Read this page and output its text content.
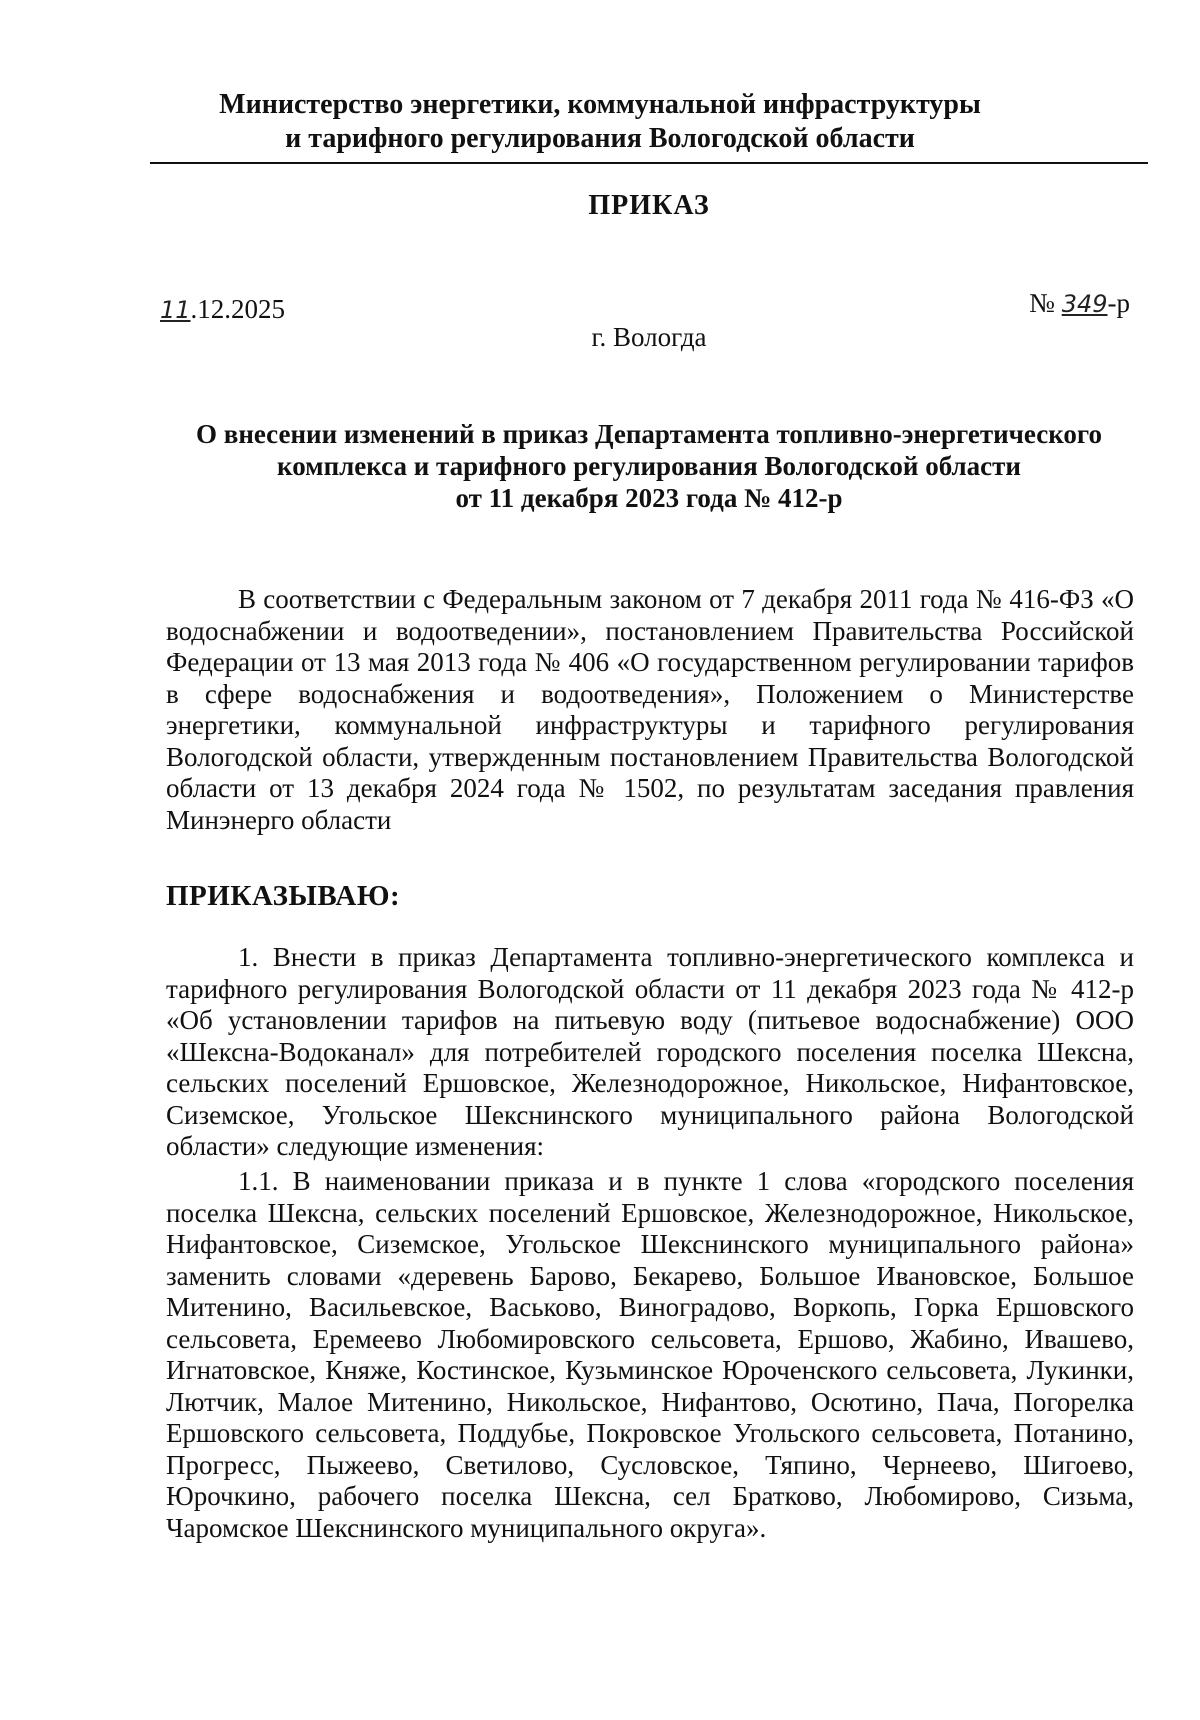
Министерство энергетики, коммунальной инфраструктуры
и тарифного регулирования Вологодской области
ПРИКАЗ
11.12.2025	№ 349-р
г. Вологда
О внесении изменений в приказ Департамента топливно-энергетического
комплекса и тарифного регулирования Вологодской области
от 11 декабря 2023 года № 412-р
В соответствии с Федеральным законом от 7 декабря 2011 года № 416-ФЗ «О водоснабжении и водоотведении», постановлением Правительства Российской Федерации от 13 мая 2013 года № 406 «О государственном регулировании тарифов в сфере водоснабжения и водоотведения», Положением о Министерстве энергетики, коммунальной инфраструктуры и тарифного регулирования Вологодской области, утвержденным постановлением Правительства Вологодской области от 13 декабря 2024 года № 1502, по результатам заседания правления Минэнерго области
ПРИКАЗЫВАЮ:
1. Внести в приказ Департамента топливно-энергетического комплекса и тарифного регулирования Вологодской области от 11 декабря 2023 года № 412-р «Об установлении тарифов на питьевую воду (питьевое водоснабжение) ООО «Шексна-Водоканал» для потребителей городского поселения поселка Шексна, сельских поселений Ершовское, Железнодорожное, Никольское, Нифантовское, Сиземское, Угольское Шекснинского муниципального района Вологодской области» следующие изменения:
1.1. В наименовании приказа и в пункте 1 слова «городского поселения поселка Шексна, сельских поселений Ершовское, Железнодорожное, Никольское, Нифантовское, Сиземское, Угольское Шекснинского муниципального района» заменить словами «деревень Барово, Бекарево, Большое Ивановское, Большое Митенино, Васильевское, Васьково, Виноградово, Воркопь, Горка Ершовского сельсовета, Еремеево Любомировского сельсовета, Ершово, Жабино, Ивашево, Игнатовское, Княже, Костинское, Кузьминское Юроченского сельсовета, Лукинки, Лютчик, Малое Митенино, Никольское, Нифантово, Осютино, Пача, Погорелка Ершовского сельсовета, Поддубье, Покровское Угольского сельсовета, Потанино, Прогресс, Пыжеево, Светилово, Сусловское, Тяпино, Чернеево, Шигоево, Юрочкино, рабочего поселка Шексна, сел Братково, Любомирово, Сизьма, Чаромское Шекснинского муниципального округа».
